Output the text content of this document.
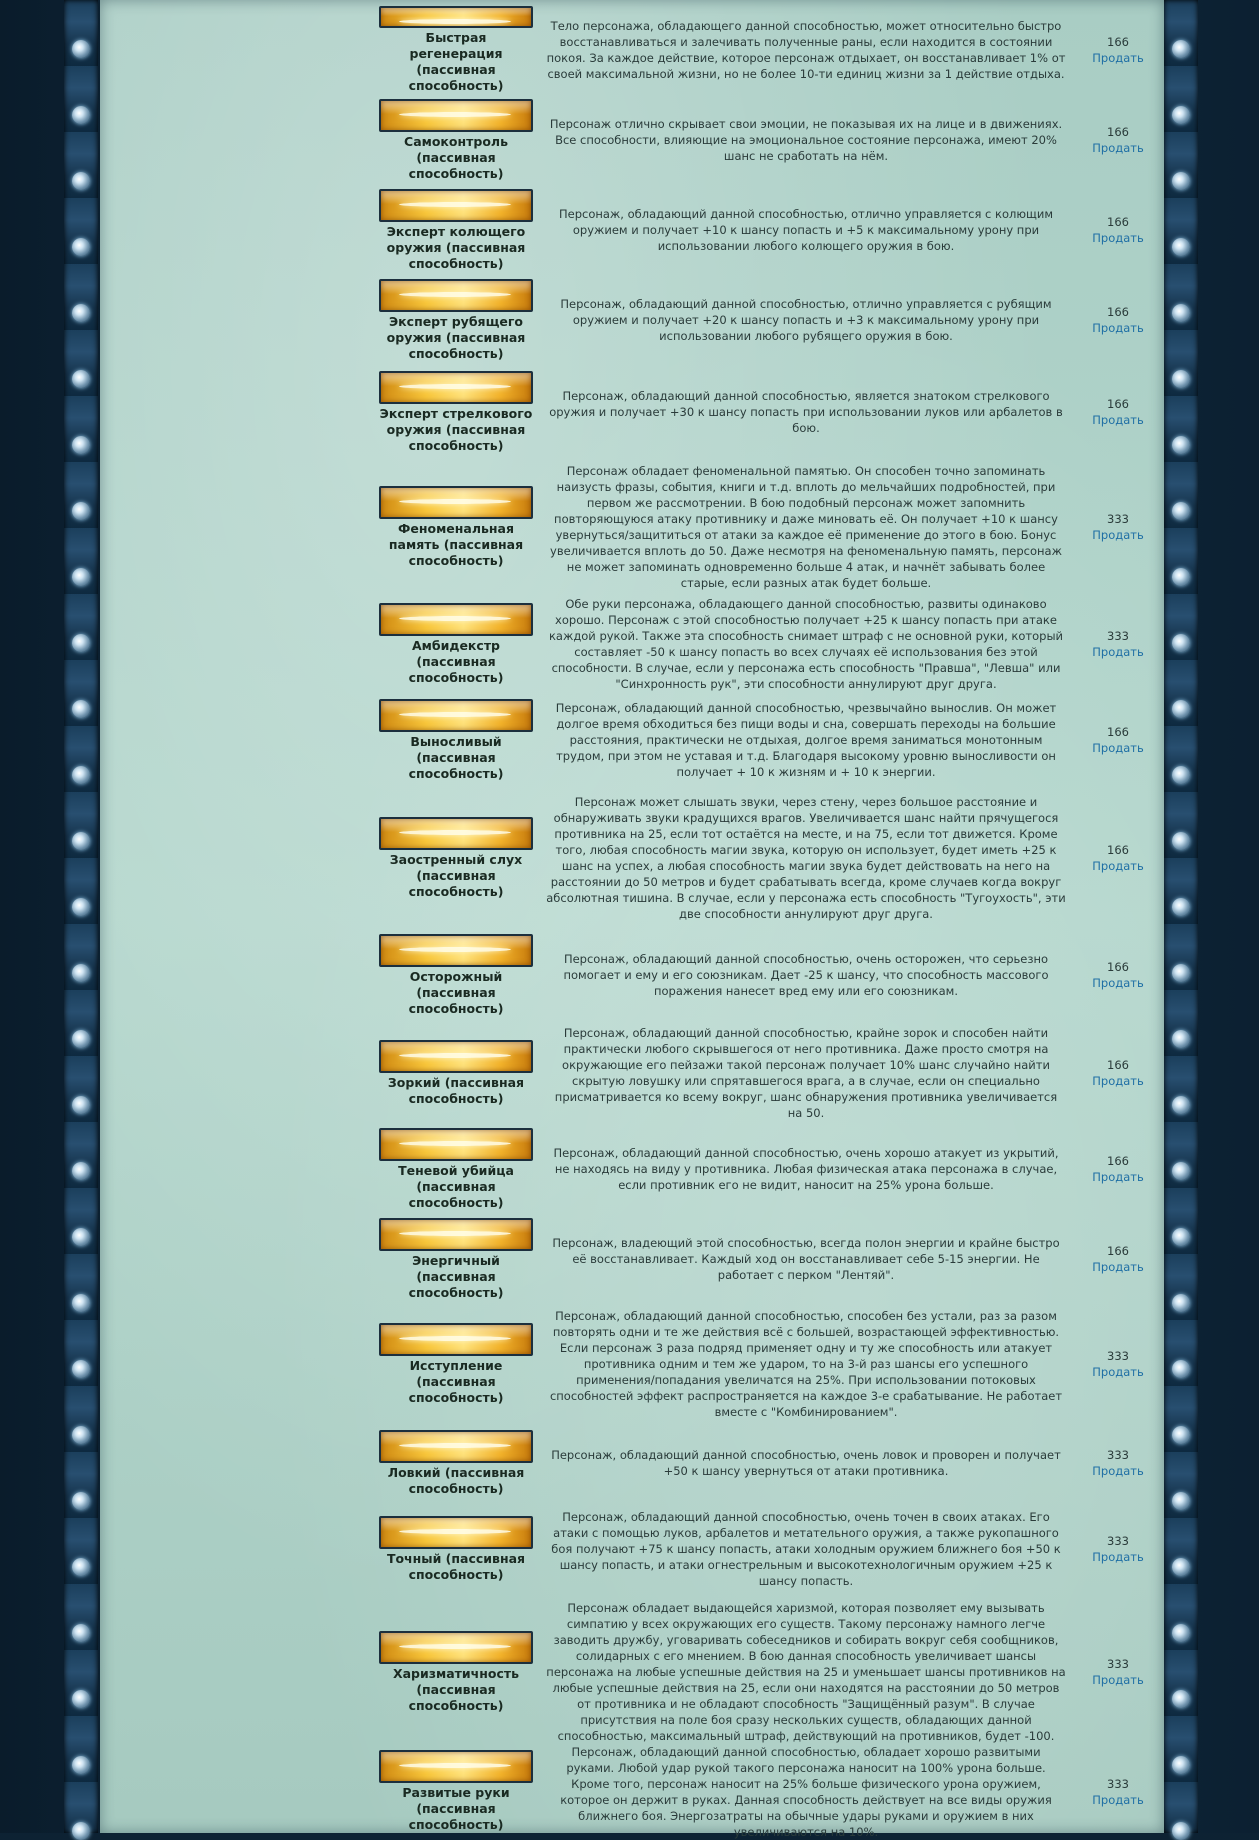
Быстрая регенерация (пассивная способность)
Тело персонажа, обладающего данной способностью, может относительно быстро восстанавливаться и залечивать полученные раны, если находится в состоянии покоя. За каждое действие, которое персонаж отдыхает, он восстанавливает 1% от своей максимальной жизни, но не более 10-ти единиц жизни за 1 действие отдыха.
166
Продать
Самоконтроль (пассивная способность)
Персонаж отлично скрывает свои эмоции, не показывая их на лице и в движениях. Все способности, влияющие на эмоциональное состояние персонажа, имеют 20% шанс не сработать на нём.
166
Продать
Эксперт колющего оружия (пассивная способность)
Персонаж, обладающий данной способностью, отлично управляется с колющим оружием и получает +10 к шансу попасть и +5 к максимальному урону при использовании любого колющего оружия в бою.
166
Продать
Эксперт рубящего оружия (пассивная способность)
Персонаж, обладающий данной способностью, отлично управляется с рубящим оружием и получает +20 к шансу попасть и +3 к максимальному урону при использовании любого рубящего оружия в бою.
166
Продать
Эксперт стрелкового оружия (пассивная способность)
Персонаж, обладающий данной способностью, является знатоком стрелкового оружия и получает +30 к шансу попасть при использовании луков или арбалетов в бою.
166
Продать
Феноменальная память (пассивная способность)
Персонаж обладает феноменальной памятью. Он способен точно запоминать наизусть фразы, события, книги и т.д. вплоть до мельчайших подробностей, при первом же рассмотрении. В бою подобный персонаж может запомнить повторяющуюся атаку противнику и даже миновать её. Он получает +10 к шансу увернуться/защититься от атаки за каждое её применение до этого в бою. Бонус увеличивается вплоть до 50. Даже несмотря на феноменальную память, персонаж не может запоминать одновременно больше 4 атак, и начнёт забывать более старые, если разных атак будет больше.
333
Продать
Амбидекстр (пассивная способность)
Обе руки персонажа, обладающего данной способностью, развиты одинаково хорошо. Персонаж с этой способностью получает +25 к шансу попасть при атаке каждой рукой. Также эта способность снимает штраф с не основной руки, который составляет -50 к шансу попасть во всех случаях её использования без этой способности. В случае, если у персонажа есть способность "Правша", "Левша" или "Синхронность рук", эти способности аннулируют друг друга.
333
Продать
Выносливый (пассивная способность)
Персонаж, обладающий данной способностью, чрезвычайно вынослив. Он может долгое время обходиться без пищи воды и сна, совершать переходы на большие расстояния, практически не отдыхая, долгое время заниматься монотонным трудом, при этом не уставая и т.д. Благодаря высокому уровню выносливости он получает + 10 к жизням и + 10 к энергии.
166
Продать
Заостренный слух (пассивная способность)
Персонаж может слышать звуки, через стену, через большое расстояние и обнаруживать звуки крадущихся врагов. Увеличивается шанс найти прячущегося противника на 25, если тот остаётся на месте, и на 75, если тот движется. Кроме того, любая способность магии звука, которую он использует, будет иметь +25 к шанс на успех, а любая способность магии звука будет действовать на него на расстоянии до 50 метров и будет срабатывать всегда, кроме случаев когда вокруг абсолютная тишина. В случае, если у персонажа есть способность "Тугоухость", эти две способности аннулируют друг друга.
166
Продать
Осторожный (пассивная способность)
Персонаж, обладающий данной способностью, очень осторожен, что серьезно помогает и ему и его союзникам. Дает -25 к шансу, что способность массового поражения нанесет вред ему или его союзникам.
166
Продать
Зоркий (пассивная способность)
Персонаж, обладающий данной способностью, крайне зорок и способен найти практически любого скрывшегося от него противника. Даже просто смотря на окружающие его пейзажи такой персонаж получает 10% шанс случайно найти скрытую ловушку или спрятавшегося врага, а в случае, если он специально присматривается ко всему вокруг, шанс обнаружения противника увеличивается на 50.
166
Продать
Теневой убийца (пассивная способность)
Персонаж, обладающий данной способностью, очень хорошо атакует из укрытий, не находясь на виду у противника. Любая физическая атака персонажа в случае, если противник его не видит, наносит на 25% урона больше.
166
Продать
Энергичный (пассивная способность)
Персонаж, владеющий этой способностью, всегда полон энергии и крайне быстро её восстанавливает. Каждый ход он восстанавливает себе 5-15 энергии. Не работает с перком "Лентяй".
166
Продать
Исступление (пассивная способность)
Персонаж, обладающий данной способностью, способен без устали, раз за разом повторять одни и те же действия всё с большей, возрастающей эффективностью. Если персонаж 3 раза подряд применяет одну и ту же способность или атакует противника одним и тем же ударом, то на 3-й раз шансы его успешного применения/попадания увеличатся на 25%. При использовании потоковых способностей эффект распространяется на каждое 3-е срабатывание. Не работает вместе с "Комбинированием".
333
Продать
Ловкий (пассивная способность)
Персонаж, обладающий данной способностью, очень ловок и проворен и получает +50 к шансу увернуться от атаки противника.
333
Продать
Точный (пассивная способность)
Персонаж, обладающий данной способностью, очень точен в своих атаках. Его атаки с помощью луков, арбалетов и метательного оружия, а также рукопашного боя получают +75 к шансу попасть, атаки холодным оружием ближнего боя +50 к шансу попасть, и атаки огнестрельным и высокотехнологичным оружием +25 к шансу попасть.
333
Продать
Харизматичность (пассивная способность)
Персонаж обладает выдающейся харизмой, которая позволяет ему вызывать симпатию у всех окружающих его существ. Такому персонажу намного легче заводить дружбу, уговаривать собеседников и собирать вокруг себя сообщников, солидарных с его мнением. В бою данная способность увеличивает шансы персонажа на любые успешные действия на 25 и уменьшает шансы противников на любые успешные действия на 25, если они находятся на расстоянии до 50 метров от противника и не обладают способность "Защищённый разум". В случае присутствия на поле боя сразу нескольких существ, обладающих данной способностью, максимальный штраф, действующий на противников, будет -100.
333
Продать
Развитые руки (пассивная способность)
Персонаж, обладающий данной способностью, обладает хорошо развитыми руками. Любой удар рукой такого персонажа наносит на 100% урона больше. Кроме того, персонаж наносит на 25% больше физического урона оружием, которое он держит в руках. Данная способность действует на все виды оружия ближнего боя. Энергозатраты на обычные удары руками и оружием в них увеличиваются на 10%.
333
Продать
